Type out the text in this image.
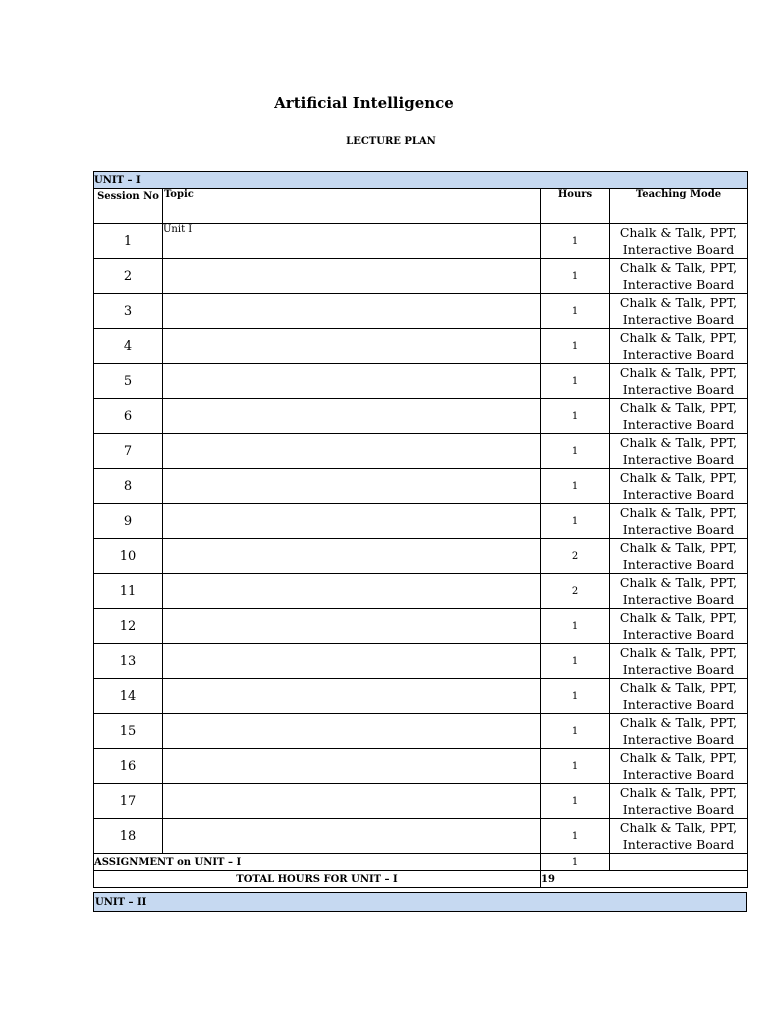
Artificial Intelligence
LECTURE PLAN
UNIT – I			
Session No	Topic	Hours	Teaching Mode
1	Unit I	1	Chalk & Talk, PPT, Interactive Board
2		1	Chalk & Talk, PPT, Interactive Board
3		1	Chalk & Talk, PPT, Interactive Board
4		1	Chalk & Talk, PPT, Interactive Board
5		1	Chalk & Talk, PPT, Interactive Board
6		1	Chalk & Talk, PPT, Interactive Board
7		1	Chalk & Talk, PPT, Interactive Board
8		1	Chalk & Talk, PPT, Interactive Board
9		1	Chalk & Talk, PPT, Interactive Board
10		2	Chalk & Talk, PPT, Interactive Board
11		2	Chalk & Talk, PPT, Interactive Board
12		1	Chalk & Talk, PPT, Interactive Board
13		1	Chalk & Talk, PPT, Interactive Board
14		1	Chalk & Talk, PPT, Interactive Board
15		1	Chalk & Talk, PPT, Interactive Board
16		1	Chalk & Talk, PPT, Interactive Board
17		1	Chalk & Talk, PPT, Interactive Board
18		1	Chalk & Talk, PPT, Interactive Board
ASSIGNMENT on UNIT – I		1	
TOTAL HOURS FOR UNIT – I		19	
UNIT – II
